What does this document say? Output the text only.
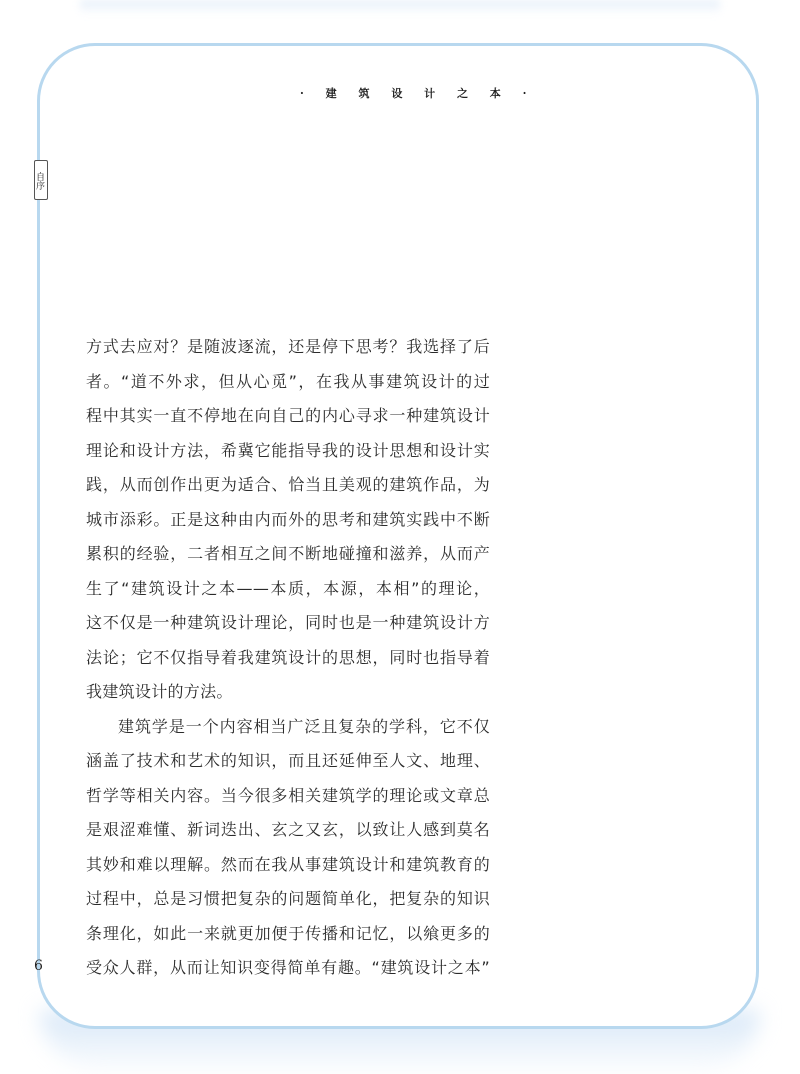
· 建 筑 设 计 之 本 ·
自序
方式去应对？是随波逐流，还是停下思考？我选择了后
者。“道不外求，但从心觅”，在我从事建筑设计的过
程中其实一直不停地在向自己的内心寻求一种建筑设计
理论和设计方法，希冀它能指导我的设计思想和设计实
践，从而创作出更为适合、恰当且美观的建筑作品，为
城市添彩。正是这种由内而外的思考和建筑实践中不断
累积的经验，二者相互之间不断地碰撞和滋养，从而产
生了“建筑设计之本——本质，本源，本相”的理论，
这不仅是一种建筑设计理论，同时也是一种建筑设计方
法论；它不仅指导着我建筑设计的思想，同时也指导着
我建筑设计的方法。
建筑学是一个内容相当广泛且复杂的学科，它不仅
涵盖了技术和艺术的知识，而且还延伸至人文、地理、
哲学等相关内容。当今很多相关建筑学的理论或文章总
是艰涩难懂、新词迭出、玄之又玄，以致让人感到莫名
其妙和难以理解。然而在我从事建筑设计和建筑教育的
过程中，总是习惯把复杂的问题简单化，把复杂的知识
条理化，如此一来就更加便于传播和记忆，以飨更多的
受众人群，从而让知识变得简单有趣。“建筑设计之本”
6
